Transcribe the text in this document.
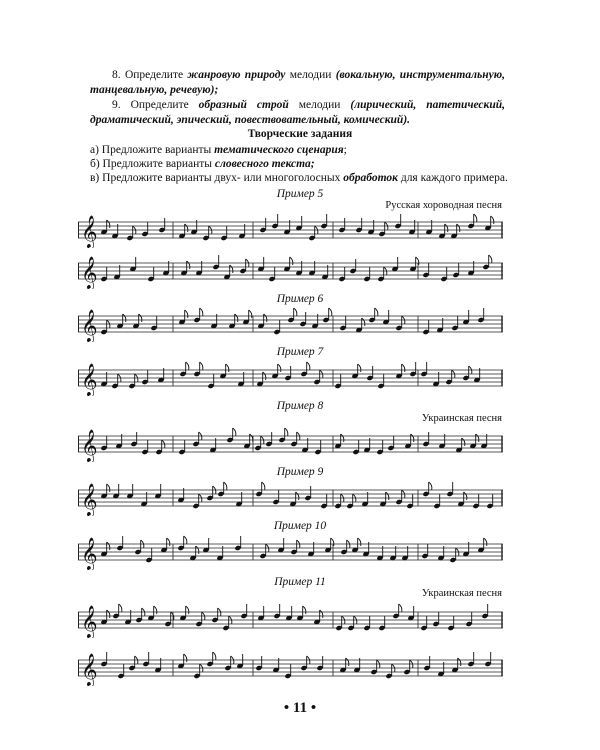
8. Определите жанровую природу мелодии (вокальную, инструментальную, танцевальную, речевую);
9. Определите образный строй мелодии (лирический, патетический, драматический, эпический, повествовательный, комический).
Творческие задания
а) Предложите варианты тематического сценария;
б) Предложите варианты словесного текста;
в) Предложите варианты двух- или многоголосных обработок для каждого примера.
Пример 5
Русская хороводная песня
𝄞
𝄞
Пример 6
𝄞
Пример 7
𝄞
Пример 8
Украинская песня
𝄞
Пример 9
𝄞
Пример 10
𝄞
Пример 11
Украинская песня
𝄞
𝄞
• 11 •
